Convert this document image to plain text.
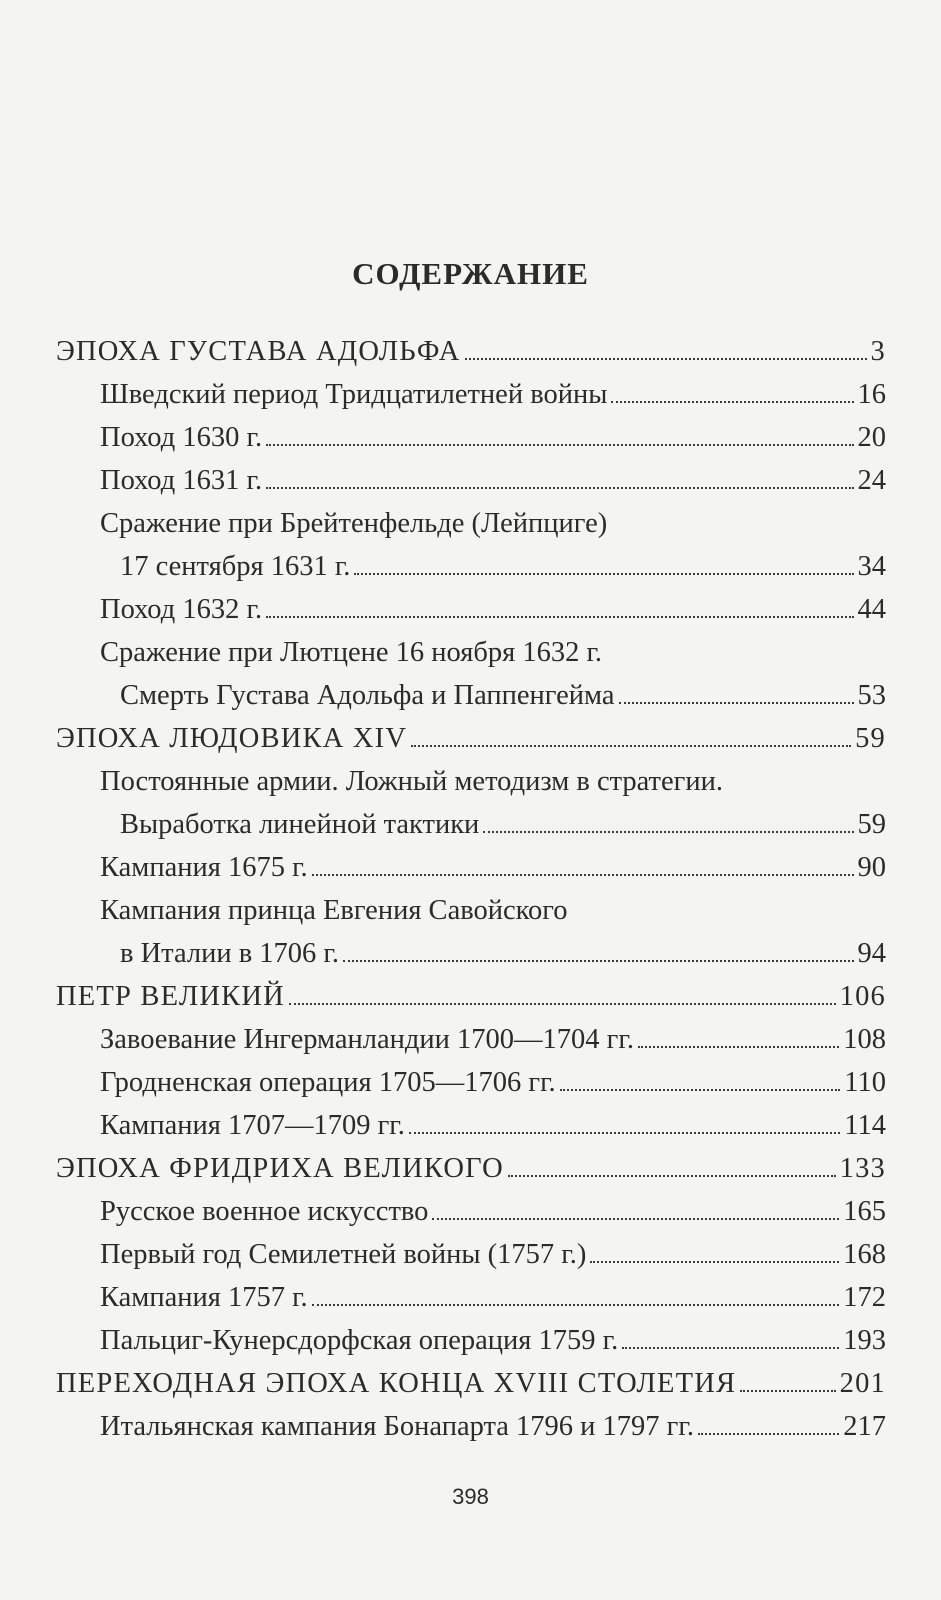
СОДЕРЖАНИЕ
ЭПОХА ГУСТАВА АДОЛЬФА	3
Шведский период Тридцатилетней войны	16
Поход 1630 г.	20
Поход 1631 г.	24
Сражение при Брейтенфельде (Лейпциге)
17 сентября 1631 г.	34
Поход 1632 г.	44
Сражение при Лютцене 16 ноября 1632 г.
Смерть Густава Адольфа и Паппенгейма	53
ЭПОХА ЛЮДОВИКА XIV	59
Постоянные армии. Ложный методизм в стратегии.
Выработка линейной тактики	59
Кампания 1675 г.	90
Кампания принца Евгения Савойского
в Италии в 1706 г.	94
ПЕТР ВЕЛИКИЙ	106
Завоевание Ингерманландии 1700—1704 гг.	108
Гродненская операция 1705—1706 гг.	110
Кампания 1707—1709 гг.	114
ЭПОХА ФРИДРИХА ВЕЛИКОГО	133
Русское военное искусство	165
Первый год Семилетней войны (1757 г.)	168
Кампания 1757 г.	172
Пальциг-Кунерсдорфская операция 1759 г.	193
ПЕРЕХОДНАЯ ЭПОХА КОНЦА XVIII СТОЛЕТИЯ	201
Итальянская кампания Бонапарта 1796 и 1797 гг.	217
398
